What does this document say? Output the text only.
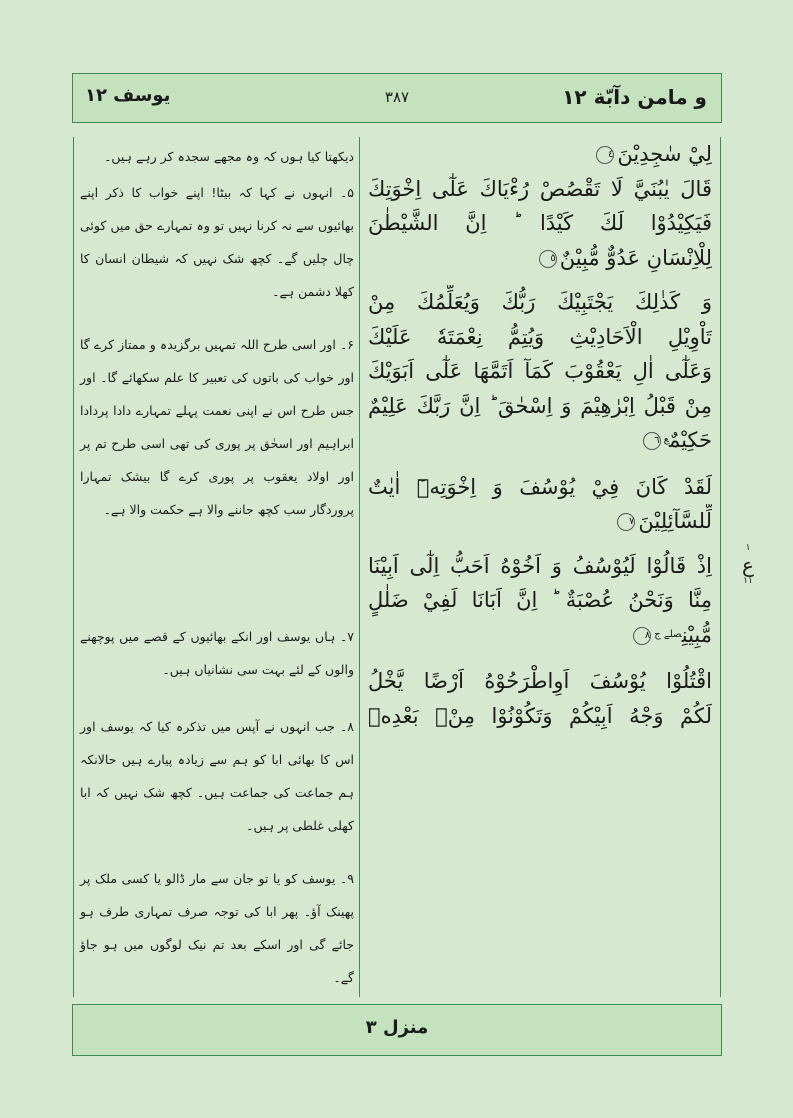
و مامن دآبّة ١٢
٣٨٧
يوسف ١٢
لِيْ سٰجِدِيْنَ٤
قَالَ يٰبُنَيَّ لَا تَقْصُصْ رُءْيَاكَ عَلٰٓى اِخْوَتِكَ
فَيَكِيْدُوْا لَكَ كَيْدًا ؕ اِنَّ الشَّيْطٰنَ
لِلْاِنْسَانِ عَدُوٌّ مُّبِيْنٌ٥
وَ كَذٰلِكَ يَجْتَبِيْكَ رَبُّكَ وَيُعَلِّمُكَ مِنْ
تَاْوِيْلِ الْاَحَادِيْثِ وَيُتِمُّ نِعْمَتَهٗ عَلَيْكَ
وَعَلٰٓى اٰلِ يَعْقُوْبَ كَمَآ اَتَمَّهَا عَلٰٓى اَبَوَيْكَ
مِنْ قَبْلُ اِبْرٰهِيْمَ وَ اِسْحٰقَ ؕ اِنَّ رَبَّكَ عَلِيْمٌ
حَكِيْمٌ$^ع$٦
لَقَدْ كَانَ فِيْ يُوْسُفَ وَ اِخْوَتِهٖٓ اٰيٰتٌ
لِّلسَّآئِلِيْنَ٧
اِذْ قَالُوْا لَيُوْسُفُ وَ اَخُوْهُ اَحَبُّ اِلٰٓى اَبِيْنَا
مِنَّا وَنَحْنُ عُصْبَةٌ ؕ اِنَّ اَبَانَا لَفِيْ ضَلٰلٍ
مُّبِيْنِ$^{صلے ج}$٨
اقْتُلُوْا يُوْسُفَ اَوِاطْرَحُوْهُ اَرْضًا يَّخْلُ
لَكُمْ وَجْهُ اَبِيْكُمْ وَتَكُوْنُوْا مِنْۢ بَعْدِهٖ
دیکھتا کیا ہوں کہ وہ مجھے سجدہ کر رہے ہیں۔
۵۔ انہوں نے کہا کہ بیٹا! اپنے خواب کا ذکر اپنے بھائیوں سے نہ کرنا نہیں تو وہ تمہارے حق میں کوئی چال چلیں گے۔ کچھ شک نہیں کہ شیطان انسان کا کھلا دشمن ہے۔
۶۔ اور اسی طرح اللہ تمہیں برگزیدہ و ممتاز کرے گا اور خواب کی باتوں کی تعبیر کا علم سکھائے گا۔ اور جس طرح اس نے اپنی نعمت پہلے تمہارے دادا پردادا ابراہیم اور اسحٰق پر پوری کی تھی اسی طرح تم پر اور اولاد یعقوب پر پوری کرے گا بیشک تمہارا پروردگار سب کچھ جاننے والا ہے حکمت والا ہے۔
۷۔ ہاں یوسف اور انکے بھائیوں کے قصے میں پوچھنے والوں کے لئے بہت سی نشانیاں ہیں۔
۸۔ جب انہوں نے آپس میں تذکرہ کیا کہ یوسف اور اس کا بھائی ابا کو ہم سے زیادہ پیارے ہیں حالانکہ ہم جماعت کی جماعت ہیں۔ کچھ شک نہیں کہ ابا کھلی غلطی پر ہیں۔
۹۔ یوسف کو یا تو جان سے مار ڈالو یا کسی ملک پر پھینک آؤ۔ پھر ابا کی توجہ صرف تمہاری طرف ہو جائے گی اور اسکے بعد تم نیک لوگوں میں ہو جاؤ گے۔
١
ع
١١
منزل ٣
